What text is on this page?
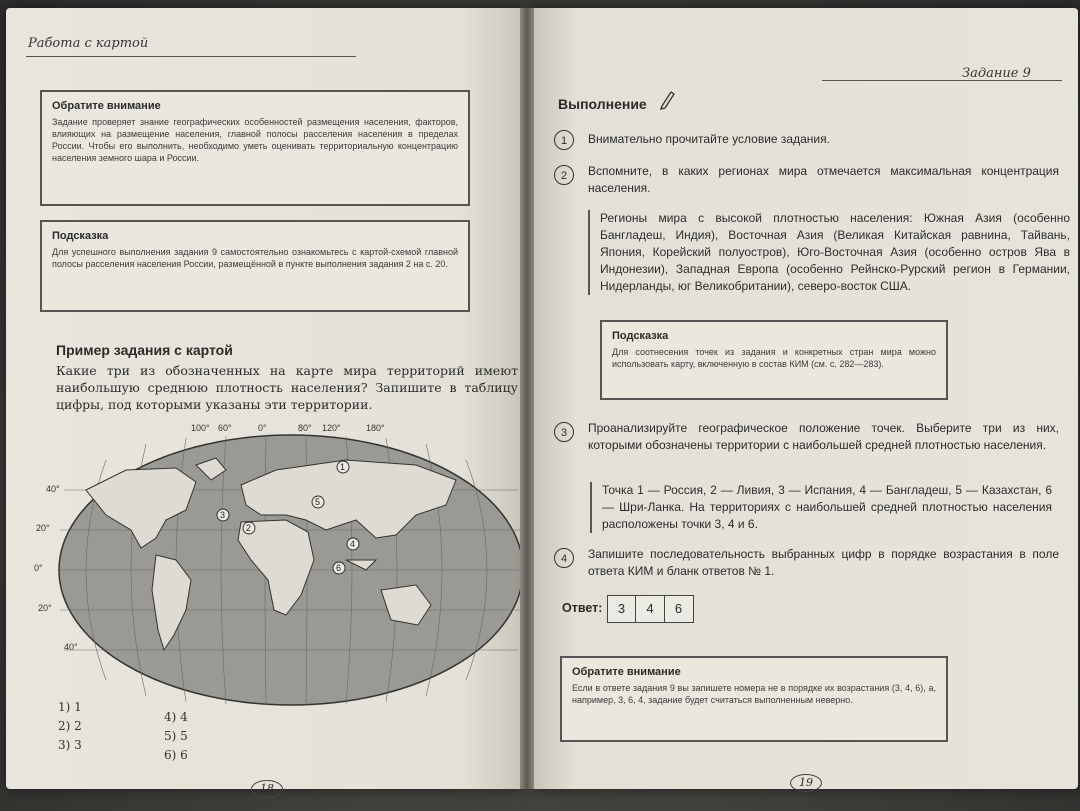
Работа с картой
Обратите внимание
Задание проверяет знание географических особенностей размещения населения, факторов, влияющих на размещение населения, главной полосы расселения населения в пределах России. Чтобы его выполнить, необходимо уметь оценивать территориальную концентрацию населения земного шара и России.
Подсказка
Для успешного выполнения задания 9 самостоятельно ознакомьтесь с картой-схемой главной полосы расселения населения России, размещённой в пункте выполнения задания 2 на с. 20.
Пример задания с картой
Какие три из обозначенных на карте мира территорий имеют наибольшую среднюю плотность населения? Запишите в таблицу цифры, под которыми указаны эти территории.
100° 60°	0°	80° 120°	180°
40°
20°
0°
20°
40°
1
2
3
4
5
6
1) 1
2) 2
3) 3
4) 4
5) 5
6) 6
18
Задание 9
Выполнение
1	Внимательно прочитайте условие задания.
2	Вспомните, в каких регионах мира отмечается максимальная концентрация населения.
Регионы мира с высокой плотностью населения: Южная Азия (особенно Бангладеш, Индия), Восточная Азия (Великая Китайская равнина, Тайвань, Япония, Корейский полуостров), Юго-Восточная Азия (особенно остров Ява в Индонезии), Западная Европа (особенно Рейнско-Рурский регион в Германии, Нидерланды, юг Великобритании), северо-восток США.
Подсказка
Для соотнесения точек из задания и конкретных стран мира можно использовать карту, включенную в состав КИМ (см. с. 282—283).
3	Проанализируйте географическое положение точек. Выберите три из них, которыми обозначены территории с наибольшей средней плотностью населения.
Точка 1 — Россия, 2 — Ливия, 3 — Испания, 4 — Бангладеш, 5 — Казахстан, 6 — Шри-Ланка. На территориях с наибольшей средней плотностью населения расположены точки 3, 4 и 6.
4	Запишите последовательность выбранных цифр в порядке возрастания в поле ответа КИМ и бланк ответов № 1.
Ответ:	3	4	6
Обратите внимание
Если в ответе задания 9 вы запишете номера не в порядке их возрастания (3, 4, 6), а, например, 3, 6, 4, задание будет считаться выполненным неверно.
19
